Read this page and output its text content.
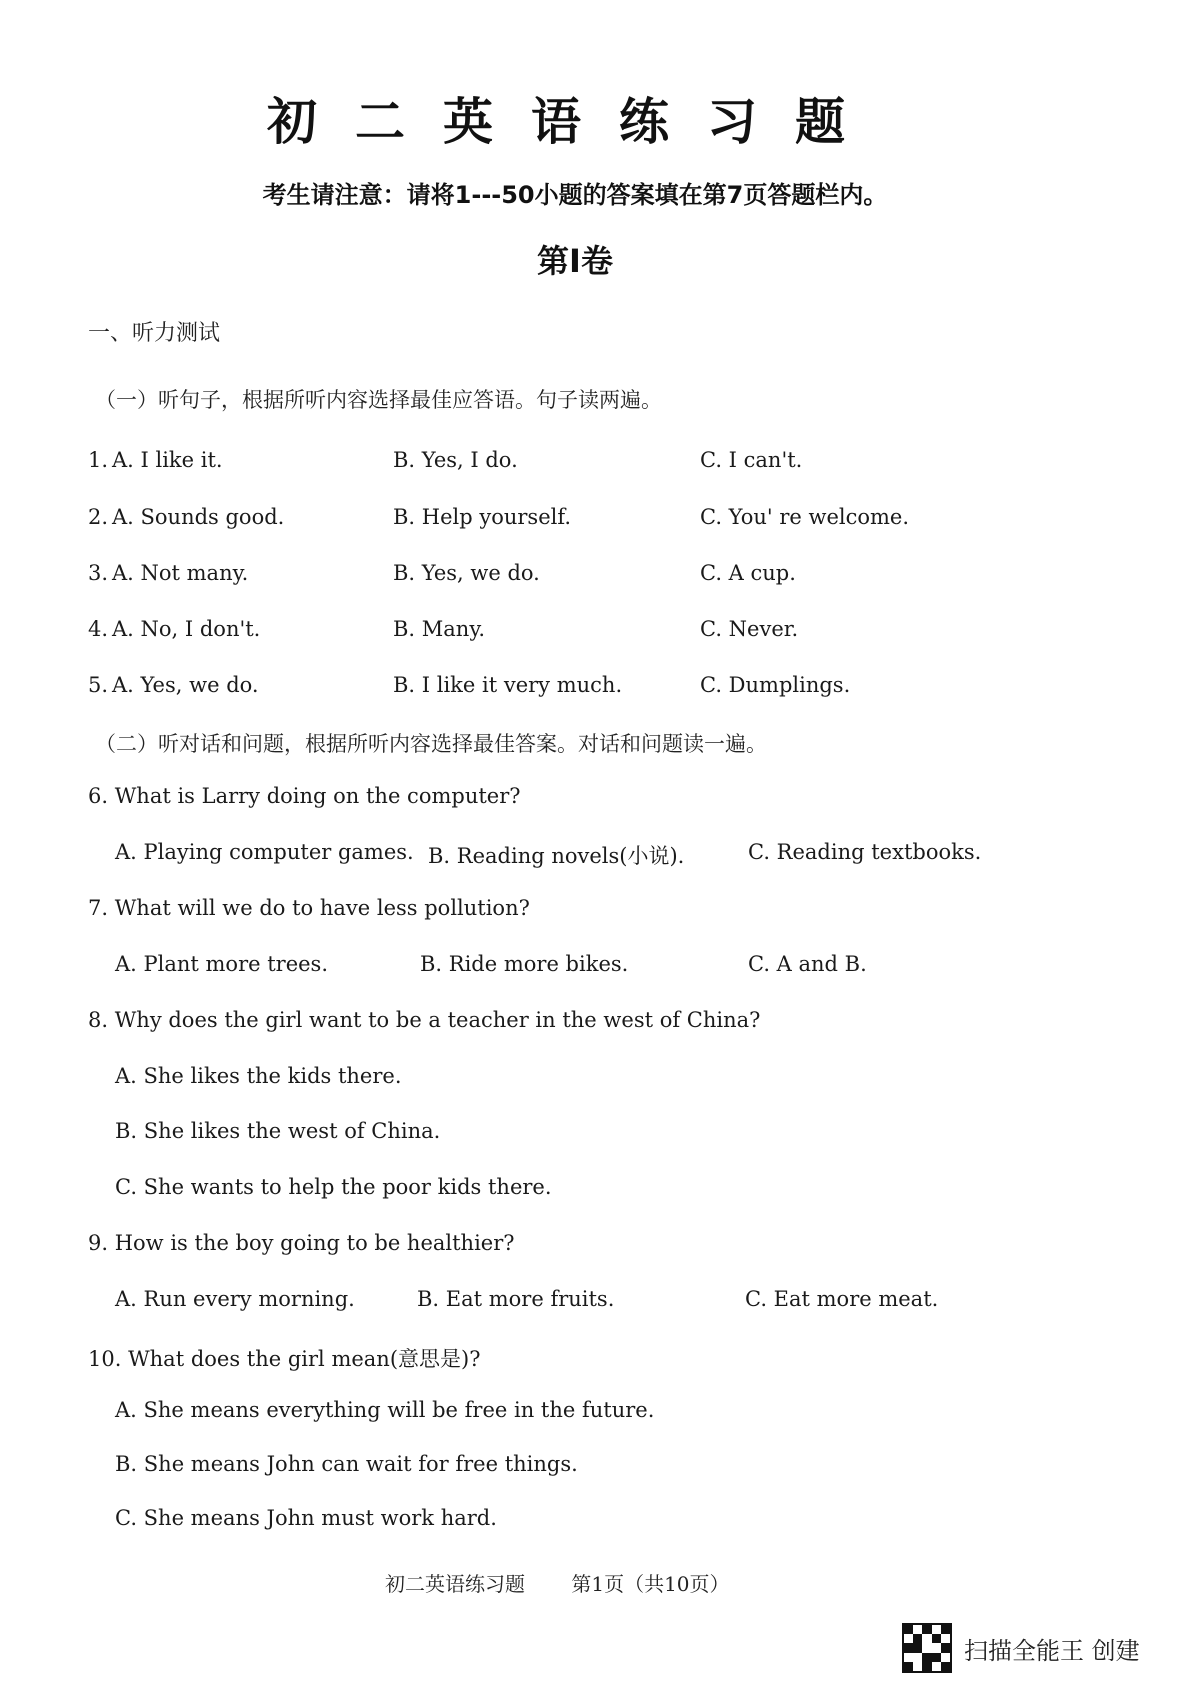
初二英语练习题
考生请注意：请将1---50小题的答案填在第7页答题栏内。
第I卷
一、听力测试
（一）听句子，根据所听内容选择最佳应答语。句子读两遍。
1. A. I like it.	B. Yes, I do.	C. I can't.
2. A. Sounds good.	B. Help yourself.	C. You' re welcome.
3. A. Not many.	B. Yes, we do.	C. A cup.
4. A. No, I don't.	B. Many.	C. Never.
5. A. Yes, we do.	B. I like it very much.	C. Dumplings.
（二）听对话和问题，根据所听内容选择最佳答案。对话和问题读一遍。
6. What is Larry doing on the computer?
A. Playing computer games. B. Reading novels(小说).	C. Reading textbooks.
7. What will we do to have less pollution?
A. Plant more trees.	B. Ride more bikes.	C. A and B.
8. Why does the girl want to be a teacher in the west of China?
A. She likes the kids there.
B. She likes the west of China.
C. She wants to help the poor kids there.
9. How is the boy going to be healthier?
A. Run every morning.	B. Eat more fruits.	C. Eat more meat.
10. What does the girl mean(意思是)?
A. She means everything will be free in the future.
B. She means John can wait for free things.
C. She means John must work hard.
初二英语练习题 第1页（共10页）
扫描全能王 创建
